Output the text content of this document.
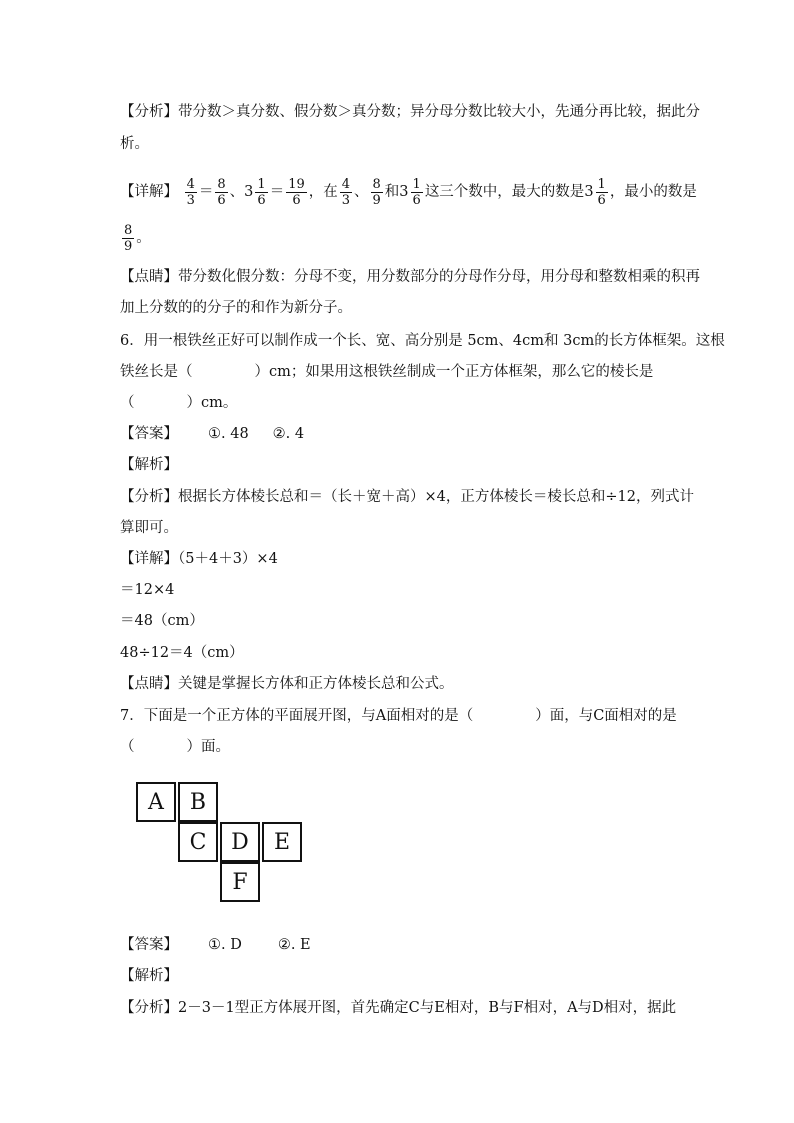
【分析】带分数＞真分数、假分数＞真分数；异分母分数比较大小，先通分再比较，据此分
析。
【详解】 $\frac{4}{3} = \frac{8}{6}$ 、$3 \frac{1}{6} = \frac{19}{6}$ ，在 $\frac{4}{3}$ 、 $\frac{8}{9}$ 和$3 \frac{1}{6}$ 这三个数中，最大的数是$3 \frac{1}{6}$ ，最小的数是
$\frac{8}{9}$ 。
【点睛】带分数化假分数：分母不变，用分数部分的分母作分母，用分母和整数相乘的积再
加上分数的的分子的和作为新分子。
6．用一根铁丝正好可以制作成一个长、宽、高分别是 5cm、4cm和 3cm的长方体框架。这根
铁丝长是（	）cm；如果用这根铁丝制成一个正方体框架，那么它的棱长是
（	）cm。
【答案】 ①. 48 ②. 4
【解析】
【分析】根据长方体棱长总和＝（长＋宽＋高）×4，正方体棱长＝棱长总和÷12，列式计
算即可。
【详解】（5＋4＋3）×4
＝12×4
＝48（cm）
48÷12＝4（cm）
【点睛】关键是掌握长方体和正方体棱长总和公式。
7．下面是一个正方体的平面展开图，与A面相对的是（	）面，与C面相对的是
（	）面。
A	B
C	D	E
F
【答案】 ①. D ②. E
【解析】
【分析】2－3－1型正方体展开图，首先确定C与E相对，B与F相对，A与D相对，据此
